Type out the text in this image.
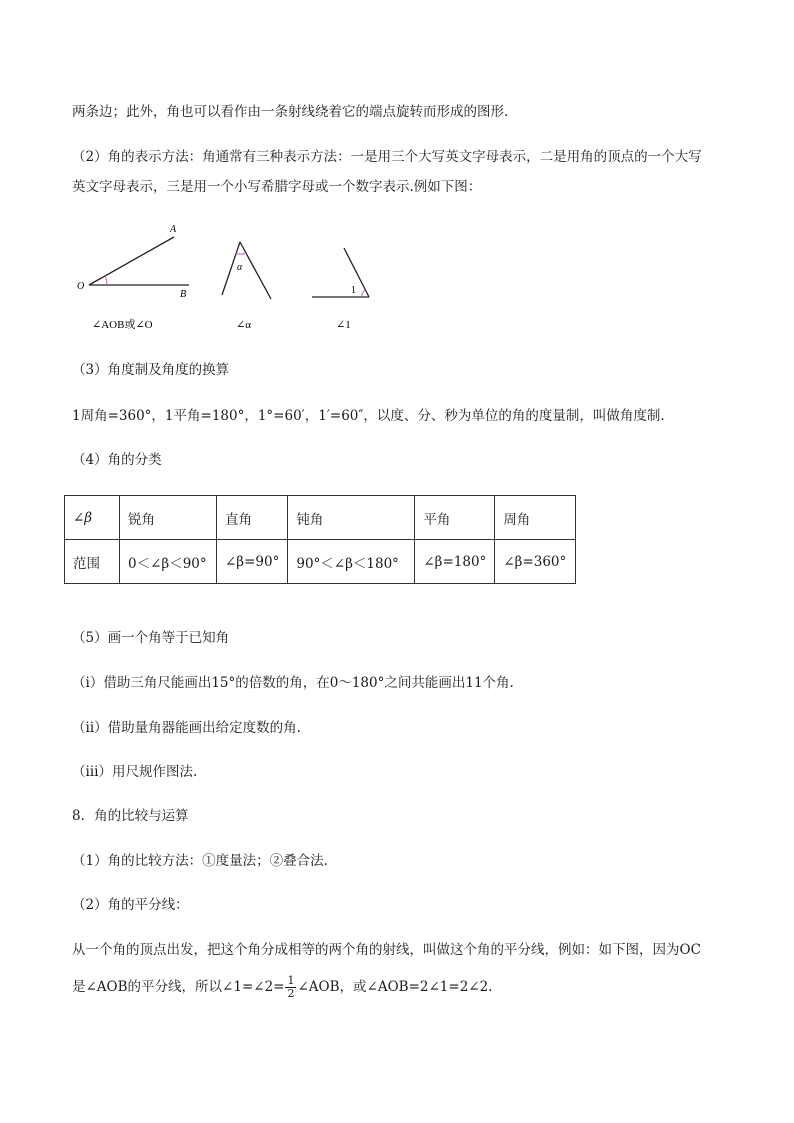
两条边；此外，角也可以看作由一条射线绕着它的端点旋转而形成的图形.
（2）角的表示方法：角通常有三种表示方法：一是用三个大写英文字母表示，二是用角的顶点的一个大写
英文字母表示，三是用一个小写希腊字母或一个数字表示.例如下图：
A
O
B
∠AOB或∠O
α
∠α
1
∠1
（3）角度制及角度的换算
1周角=360°，1平角=180°，1°=60′，1′=60″，以度、分、秒为单位的角的度量制，叫做角度制.
（4）角的分类
∠β	锐角	直角	钝角	平角	周角
范围	0＜∠β＜90°	∠β=90°	90°＜∠β＜180°	∠β=180°	∠β=360°
（5）画一个角等于已知角
（ⅰ）借助三角尺能画出15°的倍数的角，在0～180°之间共能画出11个角.
（ⅱ）借助量角器能画出给定度数的角.
（ⅲ）用尺规作图法.
8．角的比较与运算
（1）角的比较方法：①度量法；②叠合法.
（2）角的平分线：
从一个角的顶点出发，把这个角分成相等的两个角的射线，叫做这个角的平分线，例如：如下图，因为OC
是∠AOB的平分线，所以∠1=∠2= $\frac{1}{2}$ ∠AOB，或∠AOB=2∠1=2∠2.
